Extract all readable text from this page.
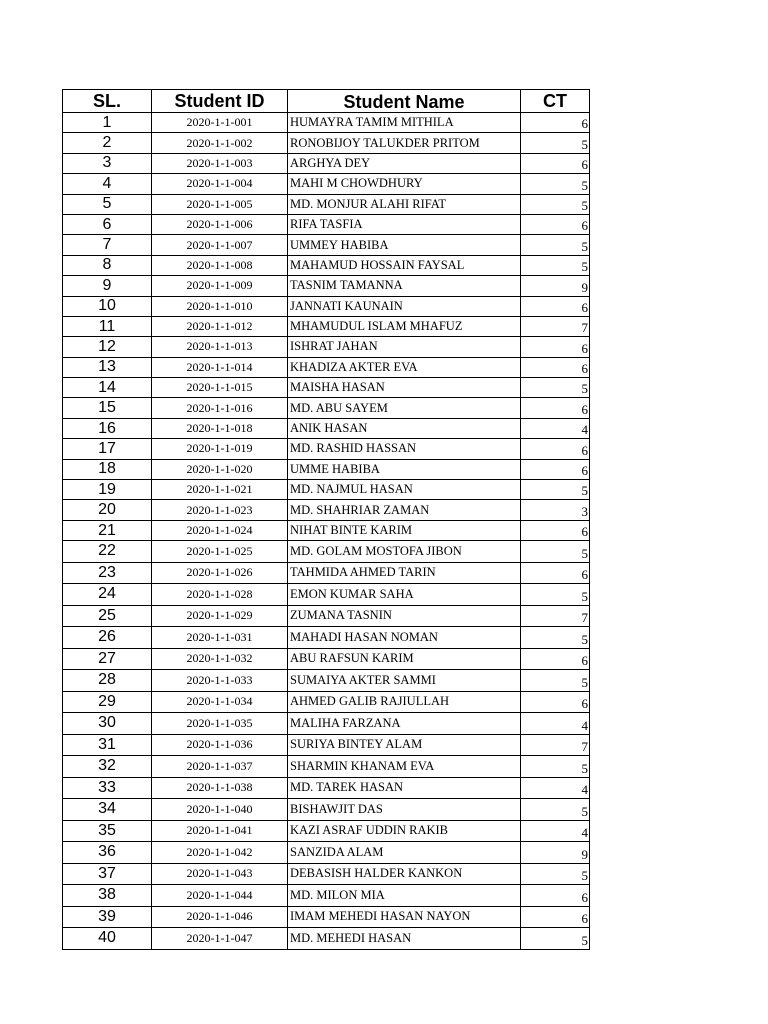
SL.	Student ID	Student Name	CT
1	2020-1-1-001	HUMAYRA TAMIM MITHILA	6
2	2020-1-1-002	RONOBIJOY TALUKDER PRITOM	5
3	2020-1-1-003	ARGHYA DEY	6
4	2020-1-1-004	MAHI M CHOWDHURY	5
5	2020-1-1-005	MD. MONJUR ALAHI RIFAT	5
6	2020-1-1-006	RIFA TASFIA	6
7	2020-1-1-007	UMMEY HABIBA	5
8	2020-1-1-008	MAHAMUD HOSSAIN FAYSAL	5
9	2020-1-1-009	TASNIM TAMANNA	9
10	2020-1-1-010	JANNATI KAUNAIN	6
11	2020-1-1-012	MHAMUDUL ISLAM MHAFUZ	7
12	2020-1-1-013	ISHRAT JAHAN	6
13	2020-1-1-014	KHADIZA AKTER EVA	6
14	2020-1-1-015	MAISHA HASAN	5
15	2020-1-1-016	MD. ABU SAYEM	6
16	2020-1-1-018	ANIK HASAN	4
17	2020-1-1-019	MD. RASHID HASSAN	6
18	2020-1-1-020	UMME HABIBA	6
19	2020-1-1-021	MD. NAJMUL HASAN	5
20	2020-1-1-023	MD. SHAHRIAR ZAMAN	3
21	2020-1-1-024	NIHAT BINTE KARIM	6
22	2020-1-1-025	MD. GOLAM MOSTOFA JIBON	5
23	2020-1-1-026	TAHMIDA AHMED TARIN	6
24	2020-1-1-028	EMON KUMAR SAHA	5
25	2020-1-1-029	ZUMANA TASNIN	7
26	2020-1-1-031	MAHADI HASAN NOMAN	5
27	2020-1-1-032	ABU RAFSUN KARIM	6
28	2020-1-1-033	SUMAIYA AKTER SAMMI	5
29	2020-1-1-034	AHMED GALIB RAJIULLAH	6
30	2020-1-1-035	MALIHA FARZANA	4
31	2020-1-1-036	SURIYA BINTEY ALAM	7
32	2020-1-1-037	SHARMIN KHANAM EVA	5
33	2020-1-1-038	MD. TAREK HASAN	4
34	2020-1-1-040	BISHAWJIT DAS	5
35	2020-1-1-041	KAZI ASRAF UDDIN RAKIB	4
36	2020-1-1-042	SANZIDA ALAM	9
37	2020-1-1-043	DEBASISH HALDER KANKON	5
38	2020-1-1-044	MD. MILON MIA	6
39	2020-1-1-046	IMAM MEHEDI HASAN NAYON	6
40	2020-1-1-047	MD. MEHEDI HASAN	5
